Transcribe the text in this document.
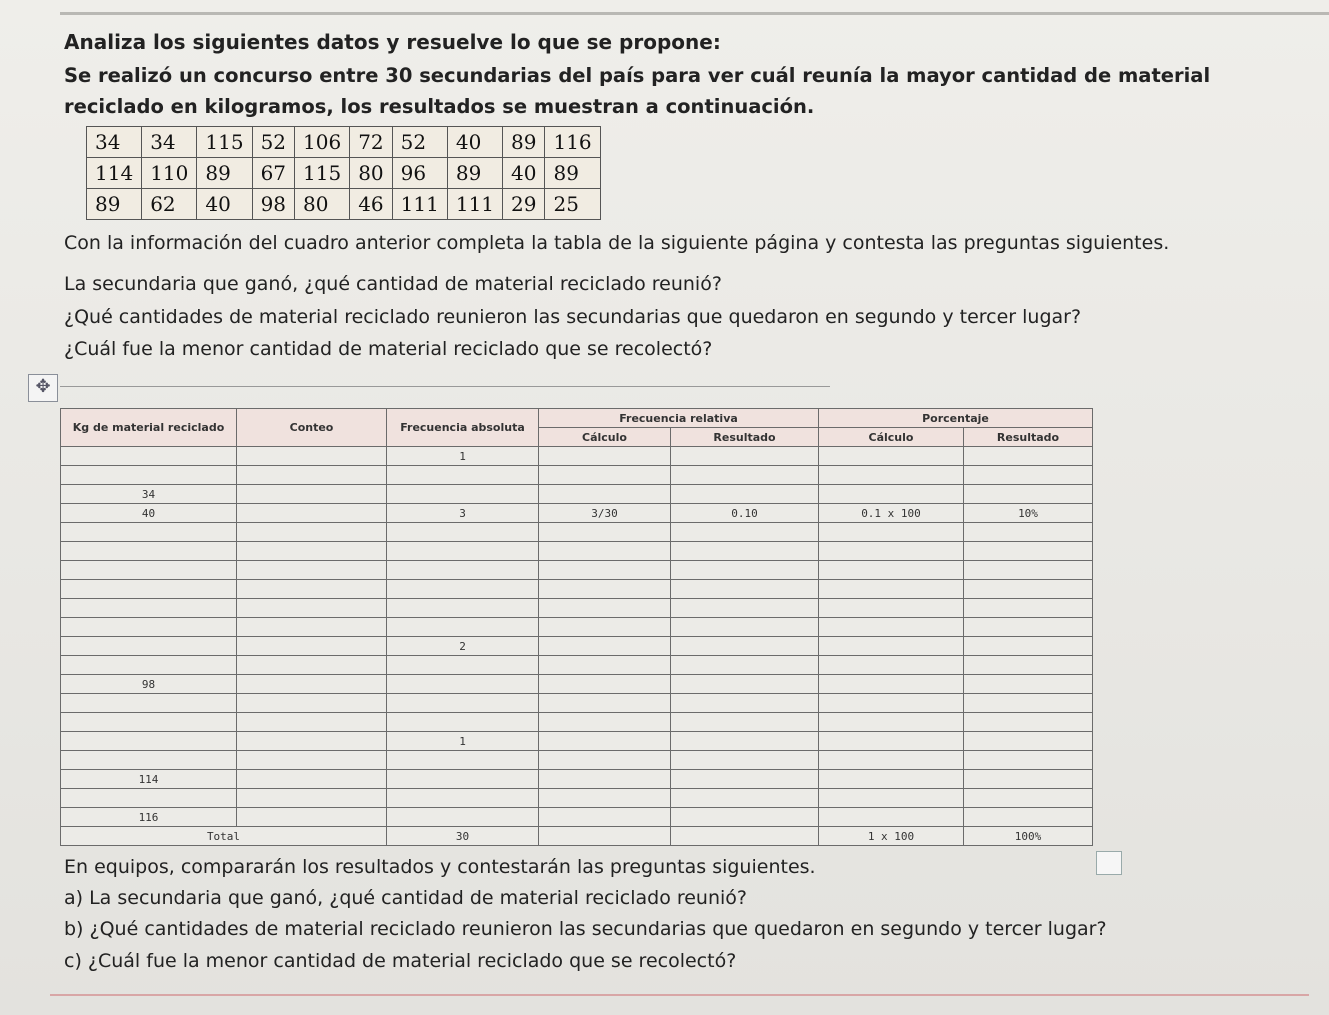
Analiza los siguientes datos y resuelve lo que se propone:
Se realizó un concurso entre 30 secundarias del país para ver cuál reunía la mayor cantidad de material reciclado en kilogramos, los resultados se muestran a continuación.
34	34	115	52	106	72	52	40	89	116
114	110	89	67	115	80	96	89	40	89
89	62	40	98	80	46	111	111	29	25
Con la información del cuadro anterior completa la tabla de la siguiente página y contesta las preguntas siguientes.
La secundaria que ganó, ¿qué cantidad de material reciclado reunió?
¿Qué cantidades de material reciclado reunieron las secundarias que quedaron en segundo y tercer lugar?
¿Cuál fue la menor cantidad de material reciclado que se recolectó?
✥
Kg de material reciclado	Conteo	Frecuencia absoluta	Frecuencia relativa		Porcentaje	
			Cálculo	Resultado	Cálculo	Resultado
		1				

34						
40		3	3/30	0.10	0.1 x 100	10%

		2				

98						

		1				

114						

116						
Total		30			1 x 100	100%
En equipos, compararán los resultados y contestarán las preguntas siguientes.
a) La secundaria que ganó, ¿qué cantidad de material reciclado reunió?
b) ¿Qué cantidades de material reciclado reunieron las secundarias que quedaron en segundo y tercer lugar?
c) ¿Cuál fue la menor cantidad de material reciclado que se recolectó?
